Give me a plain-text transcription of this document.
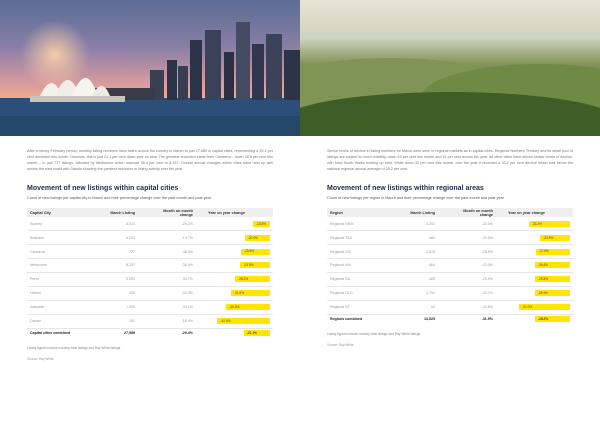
After a strong February period, monthly listing numbers have fallen across the country in March to just 27,589 in capital cities, representing a 29.4 per cent decrease this month. However, this is just 21.1 per cent down year on year. The greatest reduction came from Canberra – down 38.5 per cent this month – to just 777 listings, followed by Melbourne which reduced 36.4 per cent to 8,337. Overall annual changes within cities have held up well across the east coast with Darwin showing the greatest reduction in listing activity over the year.

Movement of new listings within capital cities
Count of new listings per capital city in March and their percentage change over the past month and past year
Capital City	March Listing	Month on month change	Year on year change
Sydney	8,511	-25.2%	-13.6%

Brisbane	4,293	-14.7%	-20.4%

Canberra	777	-38.5%	-23.5%

Melbourne	8,337	-36.4%	-23.9%

Perth	3,593	-30.7%	-28.2%

Hobart	335	-33.3%	-31.5%

Adelaide	1,593	-34.1%	-35.3%

Darwin	161	-18.4%	-42.4%

Capital cities combined	27,589	-29.4%	-21.1%

Listing figures include industry wide listings and Ray White listings.

Source: Ray White

Similar levels of decline in listing numbers for March were seen in regional markets as in capital cities. Regional Northern Territory and its small pool of listings are subject to much volatility, down 43 per cent this month and 41 per cent across the year. All other cities have shown similar levels of decline, with New South Wales holding up best. While down 32 per cent this month, over the year it recorded a 33.2 per cent decline which was below the national regional annual average of 28.2 per cent.

Movement of new listings within regional areas
Count of new listings per region in March and their percentage change over the past month and past year
Region	March Listing	Month on month change	Year on year change
Regional NSW	4,202	-32.0%	-33.2%

Regional TAS	482	-29.5%	-23.9%

Regional VIC	2,678	-28.9%	-27.6%

Regional WA	864	-23.0%	-28.4%

Regional SA	485	-25.9%	-28.3%

Regional QLD	4,751	-33.2%	-28.4%

Regional NT	63	-43.6%	-41.0%

Regions combined	13,525	-31.9%	-28.2%

Listing figures include industry wide listings and Ray White listings.

Source: Ray White
